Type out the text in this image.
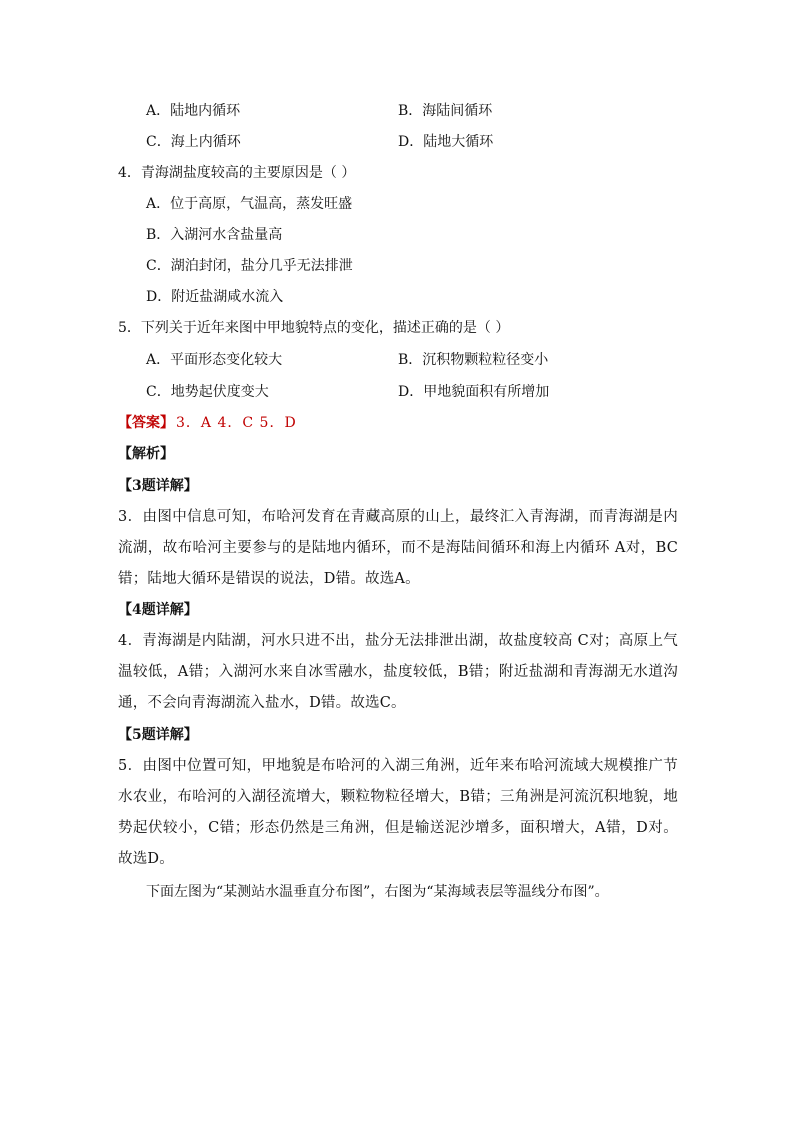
A．陆地内循环	B．海陆间循环
C．海上内循环	D．陆地大循环
4．青海湖盐度较高的主要原因是（ ）
A．位于高原，气温高，蒸发旺盛
B．入湖河水含盐量高
C．湖泊封闭，盐分几乎无法排泄
D．附近盐湖咸水流入
5．下列关于近年来图中甲地貌特点的变化，描述正确的是（ ）
A．平面形态变化较大	B．沉积物颗粒粒径变小
C．地势起伏度变大	D．甲地貌面积有所增加
【答案】 3．A 4．C 5．D
【解析】
【3题详解】
3．由图中信息可知，布哈河发育在青藏高原的山上，最终汇入青海湖，而青海湖是内流湖，故布哈河主要参与的是陆地内循环，而不是海陆间循环和海上内循环 A对，BC错；陆地大循环是错误的说法，D错。故选A。
【4题详解】
4．青海湖是内陆湖，河水只进不出，盐分无法排泄出湖，故盐度较高 C对；高原上气温较低，A错；入湖河水来自冰雪融水，盐度较低，B错；附近盐湖和青海湖无水道沟通，不会向青海湖流入盐水，D错。故选C。
【5题详解】
5．由图中位置可知，甲地貌是布哈河的入湖三角洲，近年来布哈河流域大规模推广节水农业，布哈河的入湖径流增大，颗粒物粒径增大，B错；三角洲是河流沉积地貌，地势起伏较小，C错；形态仍然是三角洲，但是输送泥沙增多，面积增大，A错，D对。故选D。
下面左图为“某测站水温垂直分布图”，右图为“某海域表层等温线分布图”。
